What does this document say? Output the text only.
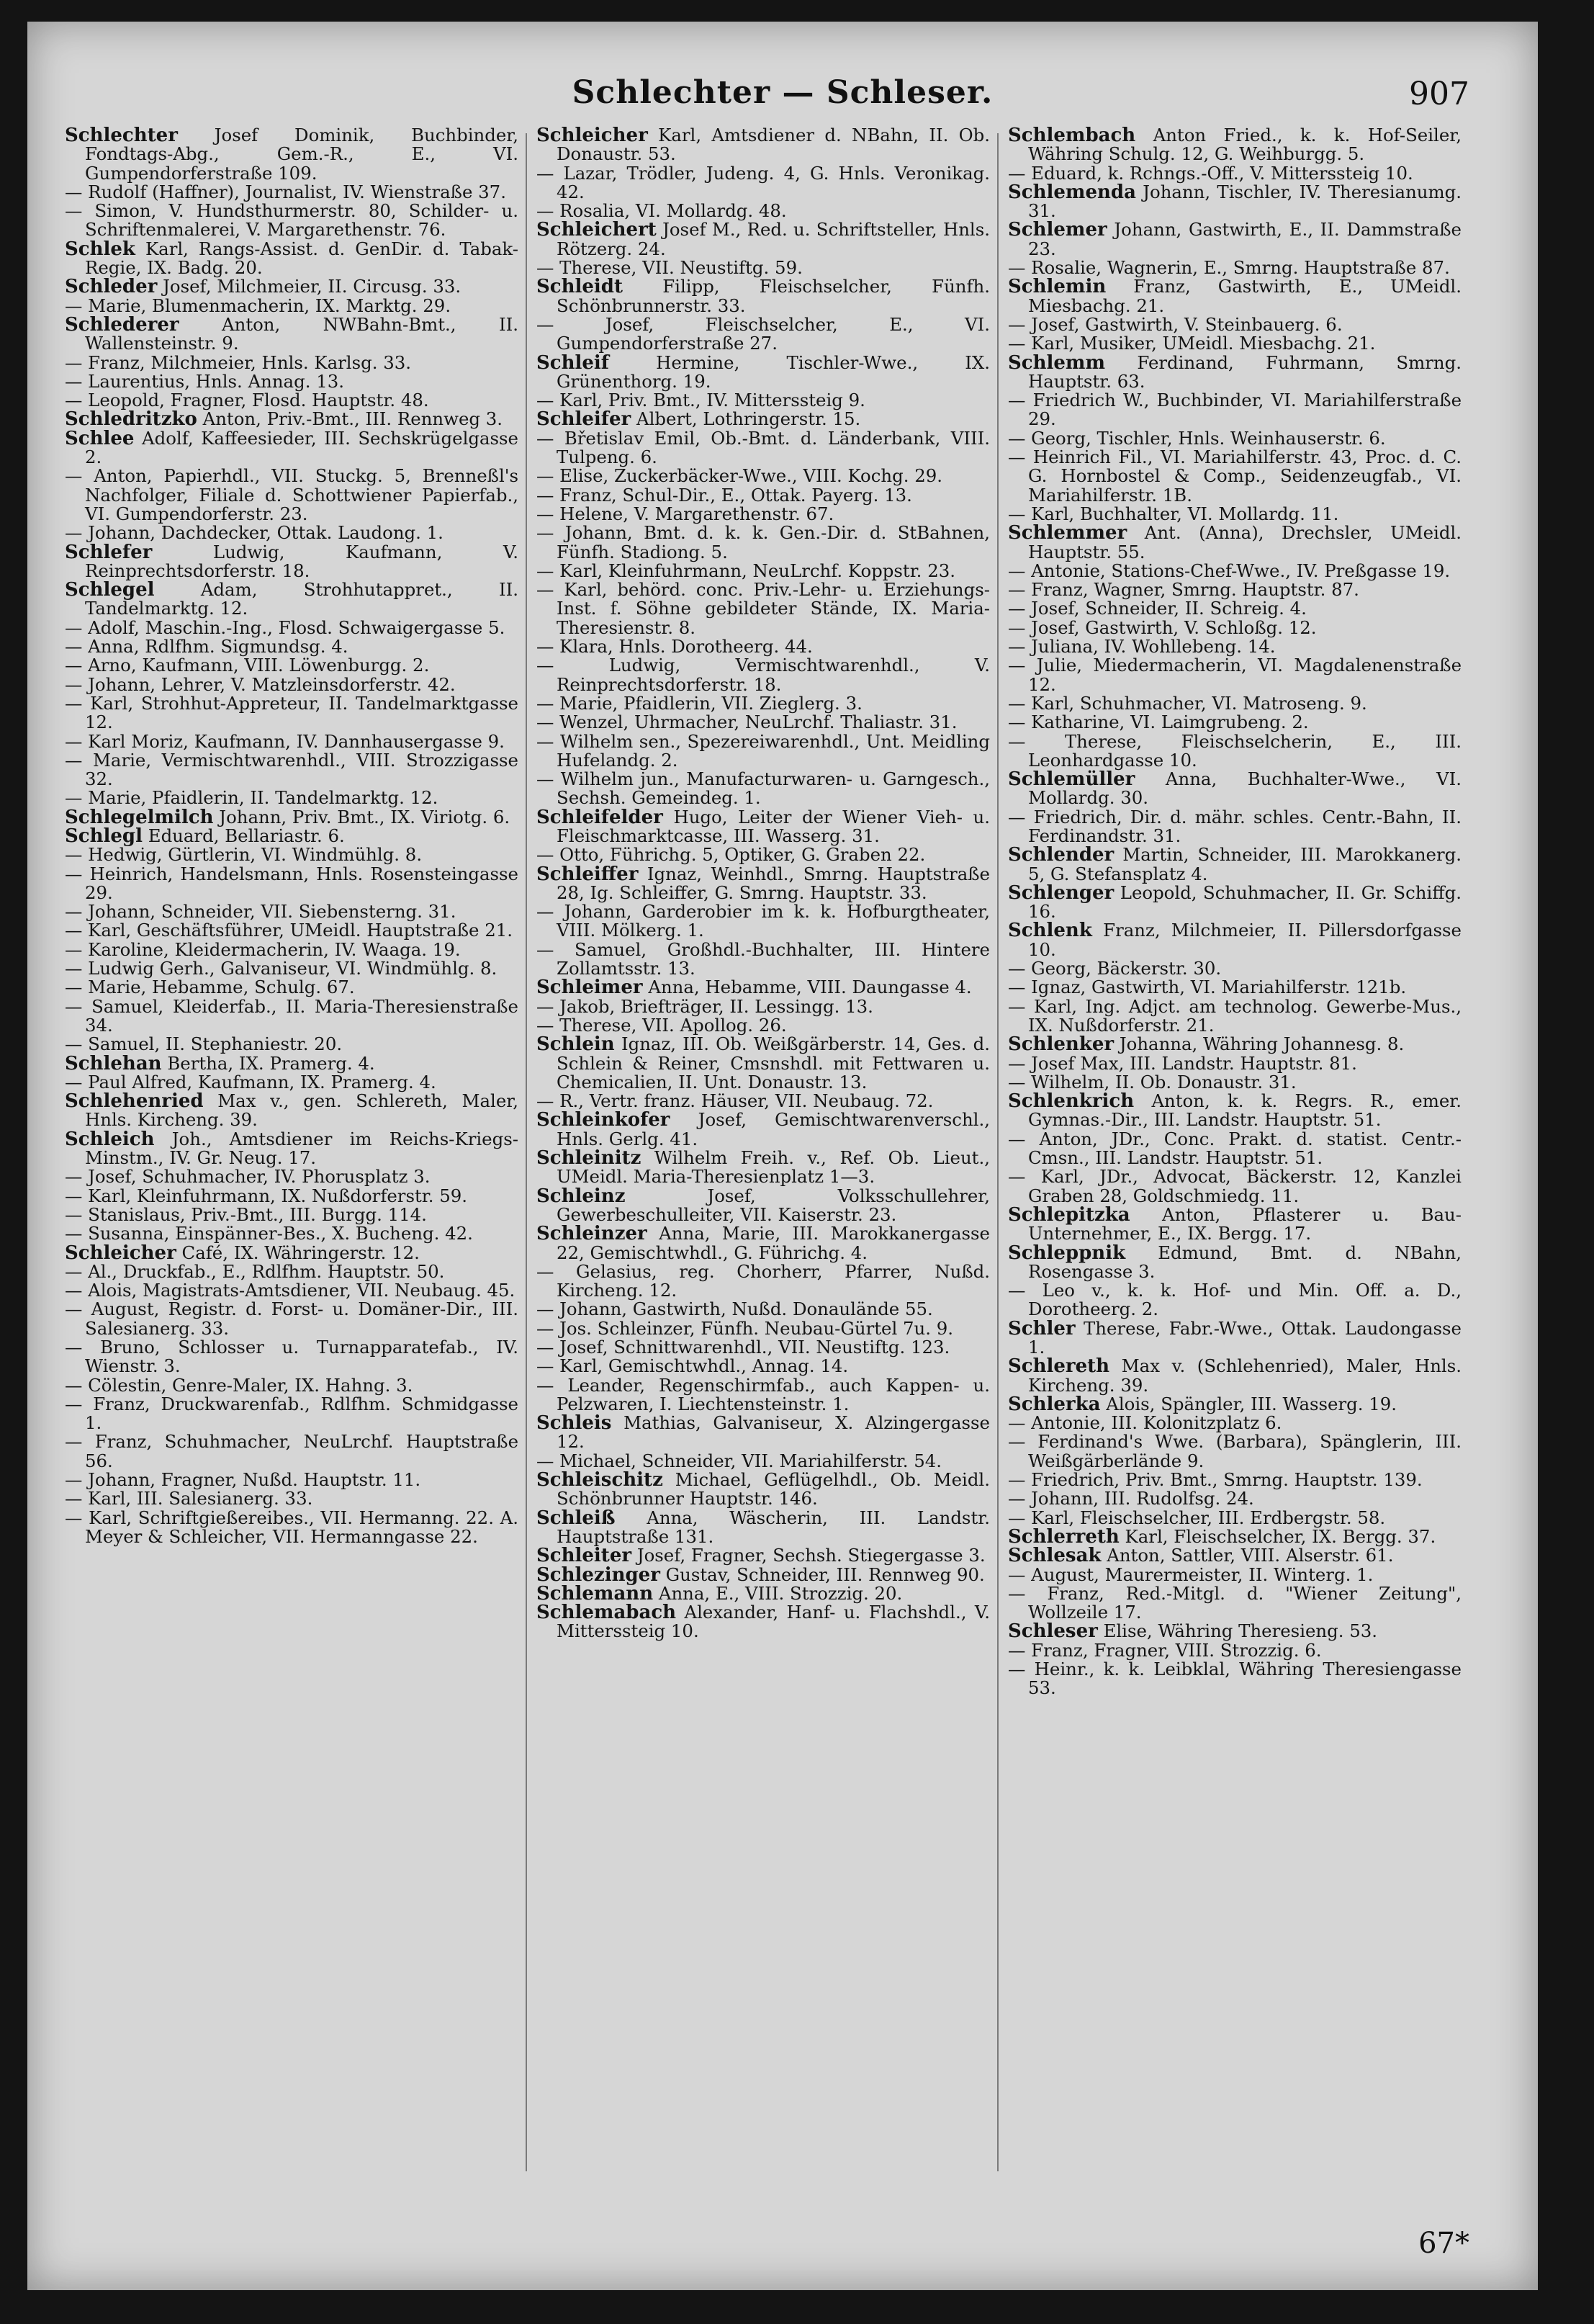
Schlechter — Schleser.	907

Schlechter Josef Dominik, Buchbinder, Fondtags-Abg., Gem.-R., E., VI. Gumpendorferstraße 109.

— Rudolf (Haffner), Journalist, IV. Wienstraße 37.

— Simon, V. Hundsthurmerstr. 80, Schilder- u. Schriftenmalerei, V. Margarethenstr. 76.

Schlek Karl, Rangs-Assist. d. GenDir. d. Tabak-Regie, IX. Badg. 20.

Schleder Josef, Milchmeier, II. Circusg. 33.

— Marie, Blumenmacherin, IX. Marktg. 29.

Schlederer Anton, NWBahn-Bmt., II. Wallensteinstr. 9.

— Franz, Milchmeier, Hnls. Karlsg. 33.

— Laurentius, Hnls. Annag. 13.

— Leopold, Fragner, Flosd. Hauptstr. 48.

Schledritzko Anton, Priv.-Bmt., III. Rennweg 3.

Schlee Adolf, Kaffeesieder, III. Sechskrügelgasse 2.

— Anton, Papierhdl., VII. Stuckg. 5, Brenneßl's Nachfolger, Filiale d. Schottwiener Papierfab., VI. Gumpendorferstr. 23.

— Johann, Dachdecker, Ottak. Laudong. 1.

Schlefer	Ludwig, Kaufmann, V. Reinprechtsdorferstr. 18.

Schlegel	Adam, Strohhutappret., II. Tandelmarktg. 12.

— Adolf, Maschin.-Ing., Flosd. Schwaigergasse 5.

— Anna, Rdlfhm. Sigmundsg. 4.

— Arno, Kaufmann, VIII. Löwenburgg. 2.

— Johann, Lehrer, V. Matzleinsdorferstr. 42.

— Karl, Strohhut-Appreteur, II. Tandelmarktgasse 12.

— Karl Moriz, Kaufmann, IV. Dannhausergasse 9.

— Marie, Vermischtwarenhdl., VIII. Strozzigasse 32.

— Marie, Pfaidlerin, II. Tandelmarktg. 12.

Schlegelmilch Johann, Priv. Bmt., IX. Viriotg. 6.

Schlegl Eduard, Bellariastr. 6.

— Hedwig, Gürtlerin, VI. Windmühlg. 8.

— Heinrich, Handelsmann, Hnls. Rosensteingasse 29.

— Johann, Schneider, VII. Siebensterng. 31.

— Karl, Geschäftsführer, UMeidl. Hauptstraße 21.

— Karoline, Kleidermacherin, IV. Waaga. 19.

— Ludwig Gerh., Galvaniseur, VI. Windmühlg. 8.

— Marie, Hebamme, Schulg. 67.

— Samuel, Kleiderfab., II. Maria-Theresienstraße 34.

— Samuel, II. Stephaniestr. 20.

Schlehan Bertha, IX. Pramerg. 4.

— Paul Alfred, Kaufmann, IX. Pramerg. 4.

Schlehenried Max v., gen. Schlereth, Maler, Hnls. Kircheng. 39.

Schleich Joh., Amtsdiener im Reichs-Kriegs-Minstm., IV. Gr. Neug. 17.

— Josef, Schuhmacher, IV. Phorusplatz 3.

— Karl, Kleinfuhrmann, IX. Nußdorferstr. 59.

— Stanislaus, Priv.-Bmt., III. Burgg. 114.

— Susanna, Einspänner-Bes., X. Bucheng. 42.

Schleicher Café, IX. Währingerstr. 12.

— Al., Druckfab., E., Rdlfhm. Hauptstr. 50.

— Alois, Magistrats-Amtsdiener, VII. Neubaug. 45.

— August, Registr. d. Forst- u. Domäner-Dir., III. Salesianerg. 33.

— Bruno, Schlosser u. Turnapparatefab., IV. Wienstr. 3.

— Cölestin, Genre-Maler, IX. Hahng. 3.

— Franz, Druckwarenfab., Rdlfhm. Schmidgasse 1.

— Franz, Schuhmacher, NeuLrchf. Hauptstraße 56.

— Johann, Fragner, Nußd. Hauptstr. 11.

— Karl, III. Salesianerg. 33.

— Karl, Schriftgießereibes., VII. Hermanng. 22. A. Meyer & Schleicher, VII. Hermanngasse 22.

Schleicher Karl, Amtsdiener d. NBahn, II. Ob. Donaustr. 53.

— Lazar, Trödler, Judeng. 4, G. Hnls. Veronikag. 42.

— Rosalia, VI. Mollardg. 48.

Schleichert Josef M., Red. u. Schriftsteller, Hnls. Rötzerg. 24.

— Therese, VII. Neustiftg. 59.

Schleidt Filipp, Fleischselcher, Fünfh. Schönbrunnerstr. 33.

— Josef, Fleischselcher, E., VI. Gumpendorferstraße 27.

Schleif	Hermine, Tischler-Wwe., IX. Grünenthorg. 19.

— Karl, Priv. Bmt., IV. Mitterssteig 9.

Schleifer Albert, Lothringerstr. 15.

— Břetislav Emil, Ob.-Bmt. d. Länderbank, VIII. Tulpeng. 6.

— Elise, Zuckerbäcker-Wwe., VIII. Kochg. 29.

— Franz, Schul-Dir., E., Ottak. Payerg. 13.

— Helene, V. Margarethenstr. 67.

— Johann, Bmt. d. k. k. Gen.-Dir. d. StBahnen, Fünfh. Stadiong. 5.

— Karl, Kleinfuhrmann, NeuLrchf. Koppstr. 23.

— Karl, behörd. conc. Priv.-Lehr- u. Erziehungs-Inst. f. Söhne gebildeter Stände, IX. Maria-Theresienstr. 8.

— Klara, Hnls. Dorotheerg. 44.

— Ludwig, Vermischtwarenhdl., V. Reinprechtsdorferstr. 18.

— Marie, Pfaidlerin, VII. Zieglerg. 3.

— Wenzel, Uhrmacher, NeuLrchf. Thaliastr. 31.

— Wilhelm sen., Spezereiwarenhdl., Unt. Meidling Hufelandg. 2.

— Wilhelm jun., Manufacturwaren- u. Garngesch., Sechsh. Gemeindeg. 1.

Schleifelder Hugo, Leiter der Wiener Vieh- u. Fleischmarktcasse, III. Wasserg. 31.

— Otto, Führichg. 5, Optiker, G. Graben 22.

Schleiffer Ignaz, Weinhdl., Smrng. Hauptstraße 28, Ig. Schleiffer, G. Smrng. Hauptstr. 33.

— Johann, Garderobier im k. k. Hofburgtheater, VIII. Mölkerg. 1.

— Samuel, Großhdl.-Buchhalter, III. Hintere Zollamtsstr. 13.

Schleimer Anna, Hebamme, VIII. Daungasse 4.

— Jakob, Briefträger, II. Lessingg. 13.

— Therese, VII. Apollog. 26.

Schlein Ignaz, III. Ob. Weißgärberstr. 14, Ges. d. Schlein & Reiner, Cmsnshdl. mit Fettwaren u. Chemicalien, II. Unt. Donaustr. 13.

— R., Vertr. franz. Häuser, VII. Neubaug. 72.

Schleinkofer Josef, Gemischtwarenverschl., Hnls. Gerlg. 41.

Schleinitz Wilhelm Freih. v., Ref. Ob. Lieut., UMeidl. Maria-Theresienplatz 1—3.

Schleinz	Josef, Volksschullehrer, Gewerbeschulleiter, VII. Kaiserstr. 23.

Schleinzer Anna, Marie, III. Marokkanergasse 22, Gemischtwhdl., G. Führichg. 4.

— Gelasius, reg. Chorherr, Pfarrer, Nußd. Kircheng. 12.

— Johann, Gastwirth, Nußd. Donaulände 55.

— Jos. Schleinzer, Fünfh. Neubau-Gürtel 7u. 9.

— Josef, Schnittwarenhdl., VII. Neustiftg. 123.

— Karl, Gemischtwhdl., Annag. 14.

— Leander, Regenschirmfab., auch Kappen- u. Pelzwaren, I. Liechtensteinstr. 1.

Schleis Mathias, Galvaniseur, X. Alzingergasse 12.

— Michael, Schneider, VII. Mariahilferstr. 54.

Schleischitz Michael, Geflügelhdl., Ob. Meidl. Schönbrunner Hauptstr. 146.

Schleiß Anna, Wäscherin, III. Landstr. Hauptstraße 131.

Schleiter Josef, Fragner, Sechsh. Stiegergasse 3.

Schlezinger Gustav, Schneider, III. Rennweg 90.

Schlemann Anna, E., VIII. Strozzig. 20.

Schlemabach Alexander, Hanf- u. Flachshdl., V. Mitterssteig 10.

Schlembach Anton Fried., k. k. Hof-Seiler, Währing Schulg. 12, G. Weihburgg. 5.

— Eduard, k. Rchngs.-Off., V. Mitterssteig 10.

Schlemenda Johann, Tischler, IV. Theresianumg. 31.

Schlemer Johann, Gastwirth, E., II. Dammstraße 23.

— Rosalie, Wagnerin, E., Smrng. Hauptstraße 87.

Schlemin Franz, Gastwirth, E., UMeidl. Miesbachg. 21.

— Josef, Gastwirth, V. Steinbauerg. 6.

— Karl, Musiker, UMeidl. Miesbachg. 21.

Schlemm Ferdinand, Fuhrmann, Smrng. Hauptstr. 63.

— Friedrich W., Buchbinder, VI. Mariahilferstraße 29.

— Georg, Tischler, Hnls. Weinhauserstr. 6.

— Heinrich Fil., VI. Mariahilferstr. 43, Proc. d. C. G. Hornbostel & Comp., Seidenzeugfab., VI. Mariahilferstr. 1B.

— Karl, Buchhalter, VI. Mollardg. 11.

Schlemmer Ant. (Anna), Drechsler, UMeidl. Hauptstr. 55.

— Antonie, Stations-Chef-Wwe., IV. Preßgasse 19.

— Franz, Wagner, Smrng. Hauptstr. 87.

— Josef, Schneider, II. Schreig. 4.

— Josef, Gastwirth, V. Schloßg. 12.

— Juliana, IV. Wohllebeng. 14.

— Julie, Miedermacherin, VI. Magdalenenstraße 12.

— Karl, Schuhmacher, VI. Matroseng. 9.

— Katharine, VI. Laimgrubeng. 2.

— Therese, Fleischselcherin, E., III. Leonhardgasse 10.

Schlemüller Anna, Buchhalter-Wwe., VI. Mollardg. 30.

— Friedrich, Dir. d. mähr. schles. Centr.-Bahn, II. Ferdinandstr. 31.

Schlender Martin, Schneider, III. Marokkanerg. 5, G. Stefansplatz 4.

Schlenger Leopold, Schuhmacher, II. Gr. Schiffg. 16.

Schlenk Franz, Milchmeier, II. Pillersdorfgasse 10.

— Georg, Bäckerstr. 30.

— Ignaz, Gastwirth, VI. Mariahilferstr. 121b.

— Karl, Ing. Adjct. am technolog. Gewerbe-Mus., IX. Nußdorferstr. 21.

Schlenker Johanna, Währing Johannesg. 8.

— Josef Max, III. Landstr. Hauptstr. 81.

— Wilhelm, II. Ob. Donaustr. 31.

Schlenkrich Anton, k. k. Regrs. R., emer. Gymnas.-Dir., III. Landstr. Hauptstr. 51.

— Anton, JDr., Conc. Prakt. d. statist. Centr.-Cmsn., III. Landstr. Hauptstr. 51.

— Karl, JDr., Advocat, Bäckerstr. 12, Kanzlei Graben 28, Goldschmiedg. 11.

Schlepitzka Anton, Pflasterer u. Bau-Unternehmer, E., IX. Bergg. 17.

Schleppnik Edmund, Bmt. d. NBahn, Rosengasse 3.

— Leo v., k. k. Hof- und Min. Off. a. D., Dorotheerg. 2.

Schler Therese, Fabr.-Wwe., Ottak. Laudongasse 1.

Schlereth Max v. (Schlehenried), Maler, Hnls. Kircheng. 39.

Schlerka Alois, Spängler, III. Wasserg. 19.

— Antonie, III. Kolonitzplatz 6.

— Ferdinand's Wwe. (Barbara), Spänglerin, III. Weißgärberlände 9.

— Friedrich, Priv. Bmt., Smrng. Hauptstr. 139.

— Johann, III. Rudolfsg. 24.

— Karl, Fleischselcher, III. Erdbergstr. 58.

Schlerreth Karl, Fleischselcher, IX. Bergg. 37.

Schlesak Anton, Sattler, VIII. Alserstr. 61.

— August, Maurermeister, II. Winterg. 1.

— Franz, Red.-Mitgl. d. "Wiener Zeitung", Wollzeile 17.

Schleser Elise, Währing Theresieng. 53.

— Franz, Fragner, VIII. Strozzig. 6.

— Heinr., k. k. Leibklal, Währing Theresiengasse 53.

67*
